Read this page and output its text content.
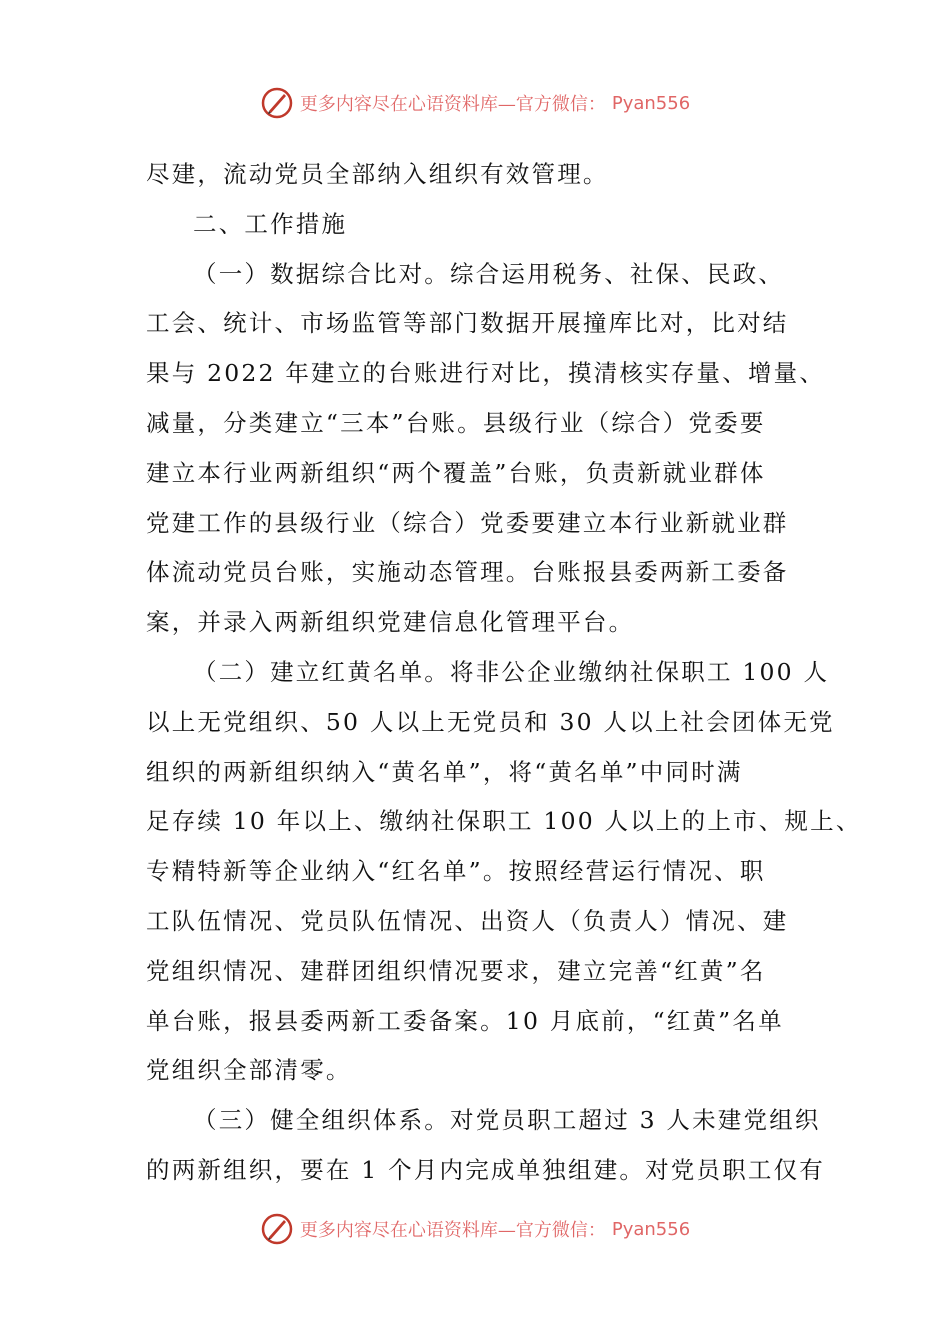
更多内容尽在心语资料库—官方微信： Pyan556
尽建，流动党员全部纳入组织有效管理。
二、工作措施
（一）数据综合比对。综合运用税务、社保、民政、
工会、统计、市场监管等部门数据开展撞库比对，比对结
果与 2022 年建立的台账进行对比，摸清核实存量、增量、
减量，分类建立“三本”台账。县级行业（综合）党委要
建立本行业两新组织“两个覆盖”台账，负责新就业群体
党建工作的县级行业（综合）党委要建立本行业新就业群
体流动党员台账，实施动态管理。台账报县委两新工委备
案，并录入两新组织党建信息化管理平台。
（二）建立红黄名单。将非公企业缴纳社保职工 100 人
以上无党组织、50 人以上无党员和 30 人以上社会团体无党
组织的两新组织纳入“黄名单”，将“黄名单”中同时满
足存续 10 年以上、缴纳社保职工 100 人以上的上市、规上、
专精特新等企业纳入“红名单”。按照经营运行情况、职
工队伍情况、党员队伍情况、出资人（负责人）情况、建
党组织情况、建群团组织情况要求，建立完善“红黄”名
单台账，报县委两新工委备案。10 月底前，“红黄”名单
党组织全部清零。
（三）健全组织体系。对党员职工超过 3 人未建党组织
的两新组织，要在 1 个月内完成单独组建。对党员职工仅有
更多内容尽在心语资料库—官方微信： Pyan556
